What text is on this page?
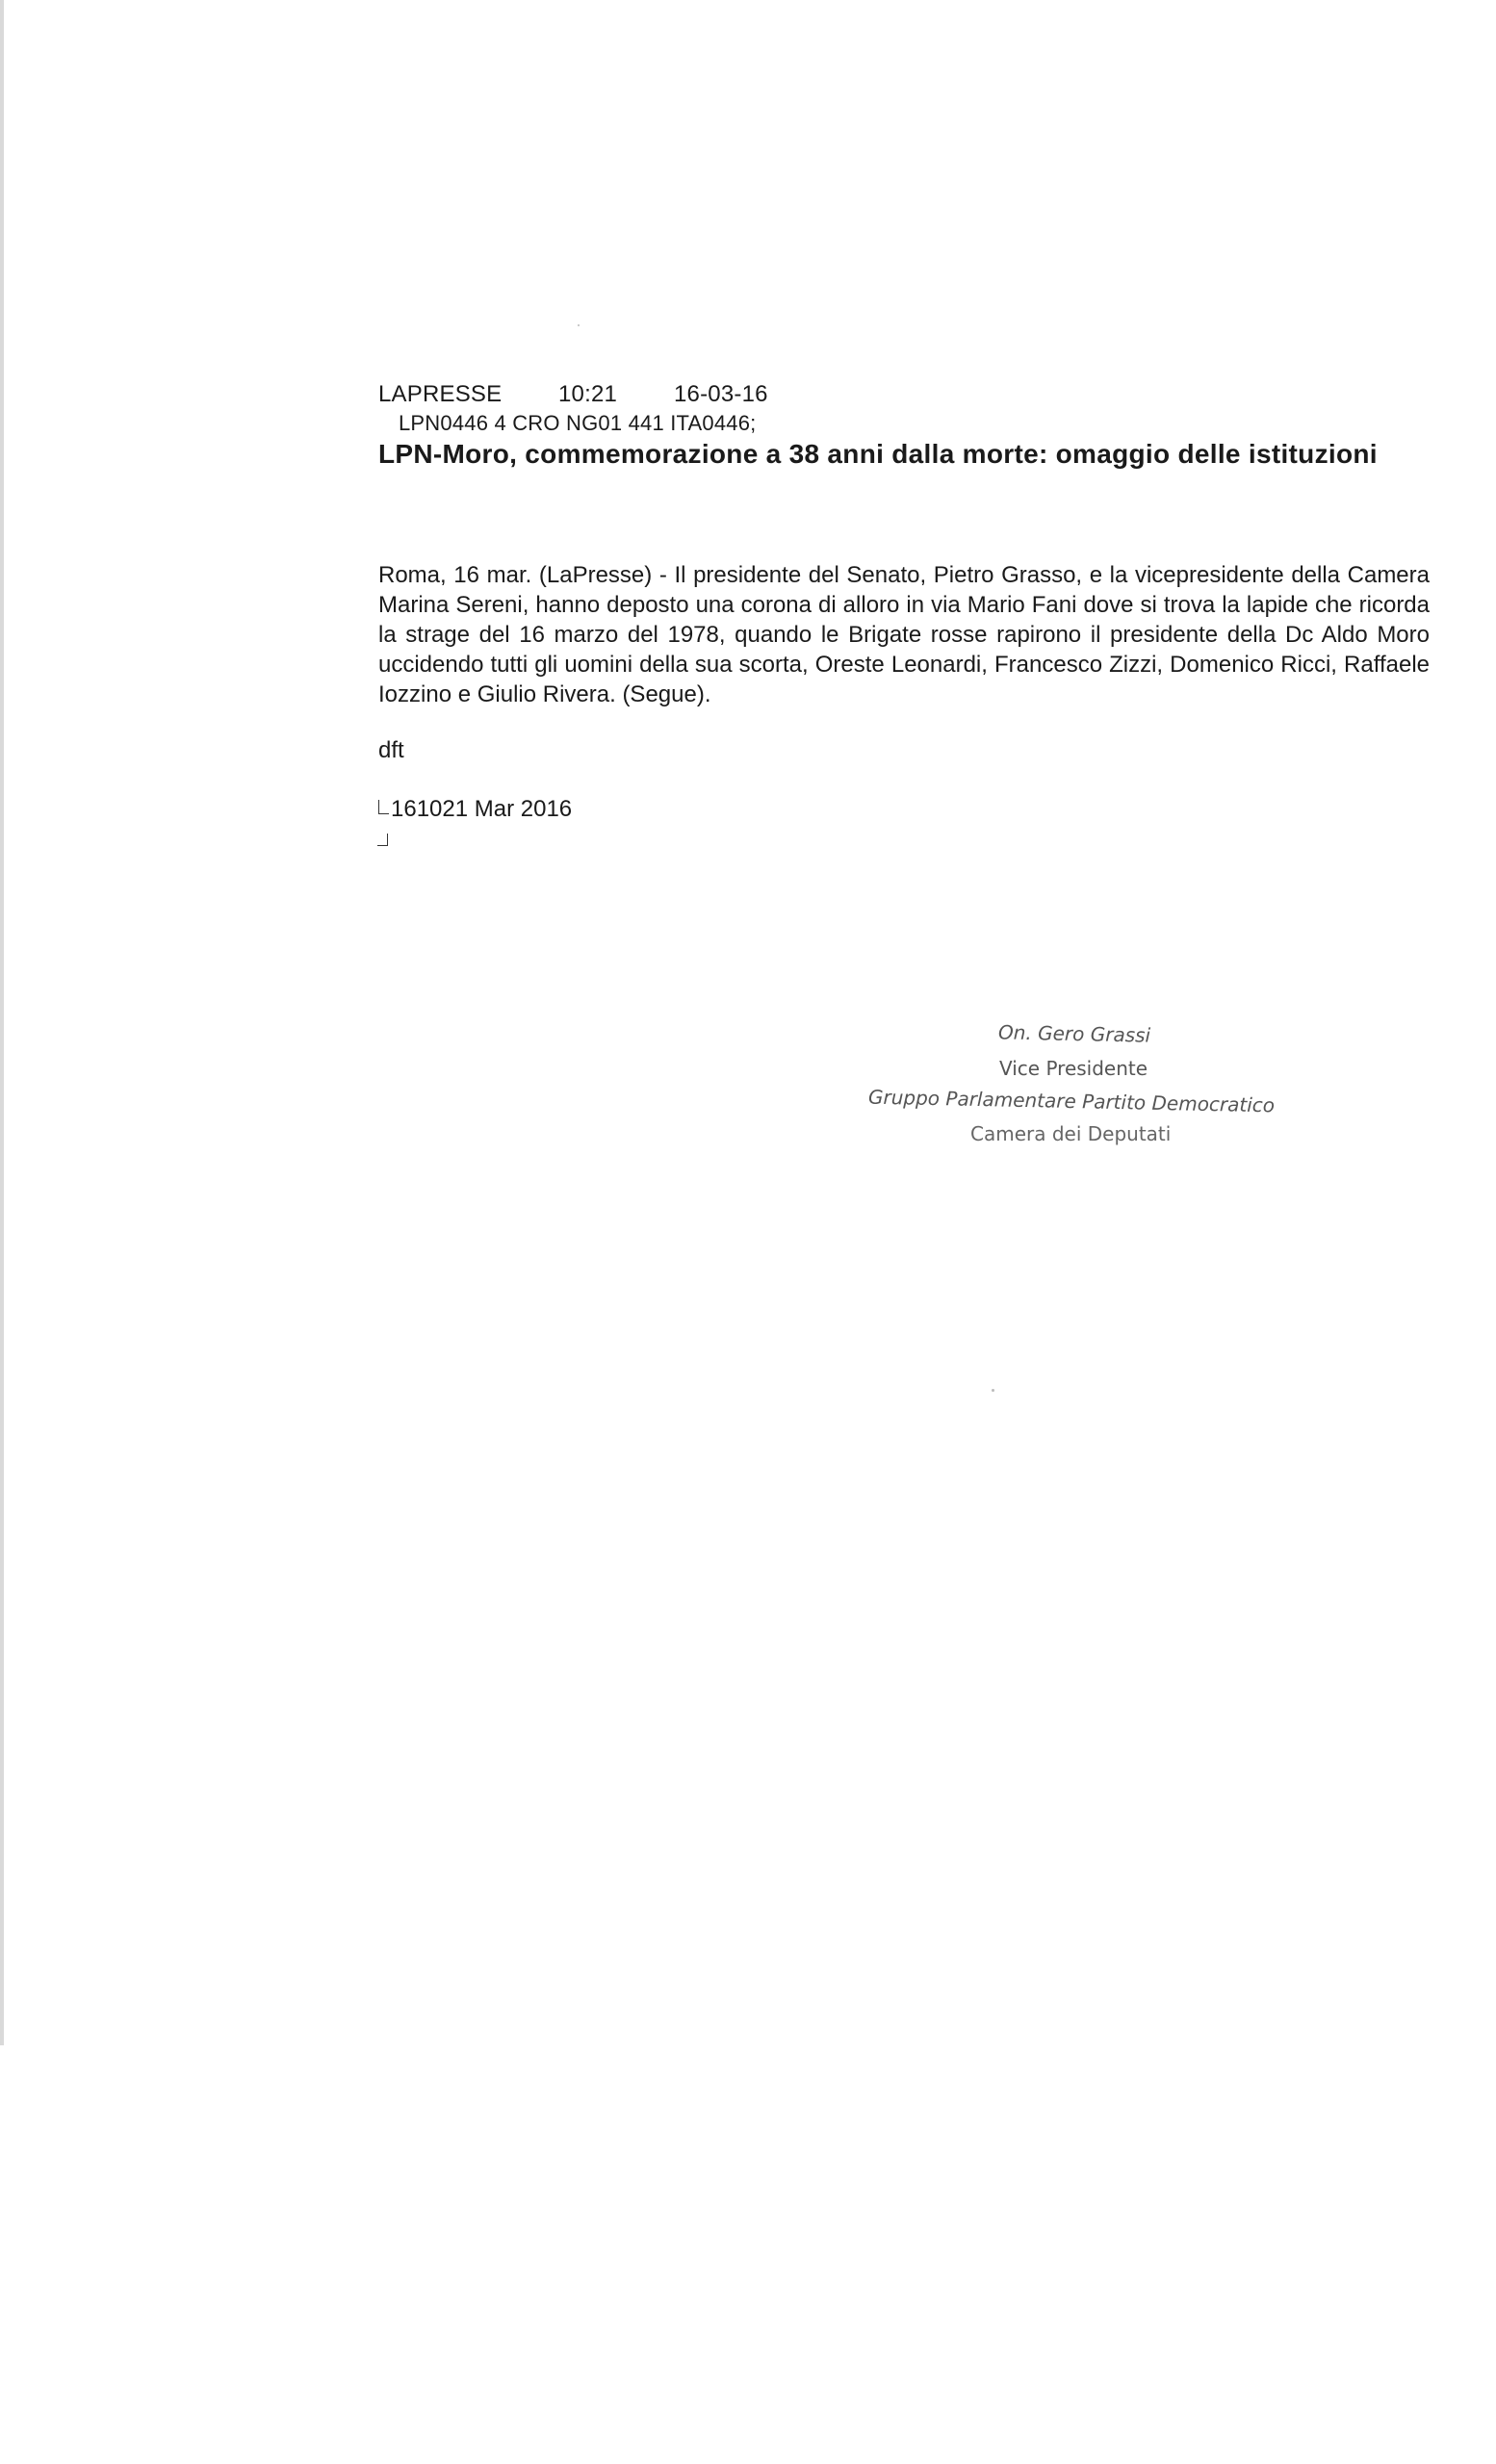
LAPRESSE 10:21 16-03-16
LPN0446 4 CRO NG01 441 ITA0446;
LPN-Moro, commemorazione a 38 anni dalla morte: omaggio delle istituzioni
Roma, 16 mar. (LaPresse) - Il presidente del Senato, Pietro Grasso, e la vicepresidente della Camera Marina Sereni, hanno deposto una corona di alloro in via Mario Fani dove si trova la lapide che ricorda la strage del 16 marzo del 1978, quando le Brigate rosse rapirono il presidente della Dc Aldo Moro uccidendo tutti gli uomini della sua scorta, Oreste Leonardi, Francesco Zizzi, Domenico Ricci, Raffaele Iozzino e Giulio Rivera. (Segue).
dft
161021 Mar 2016
On. Gero Grassi
Vice Presidente
Gruppo Parlamentare Partito Democratico
Camera dei Deputati
